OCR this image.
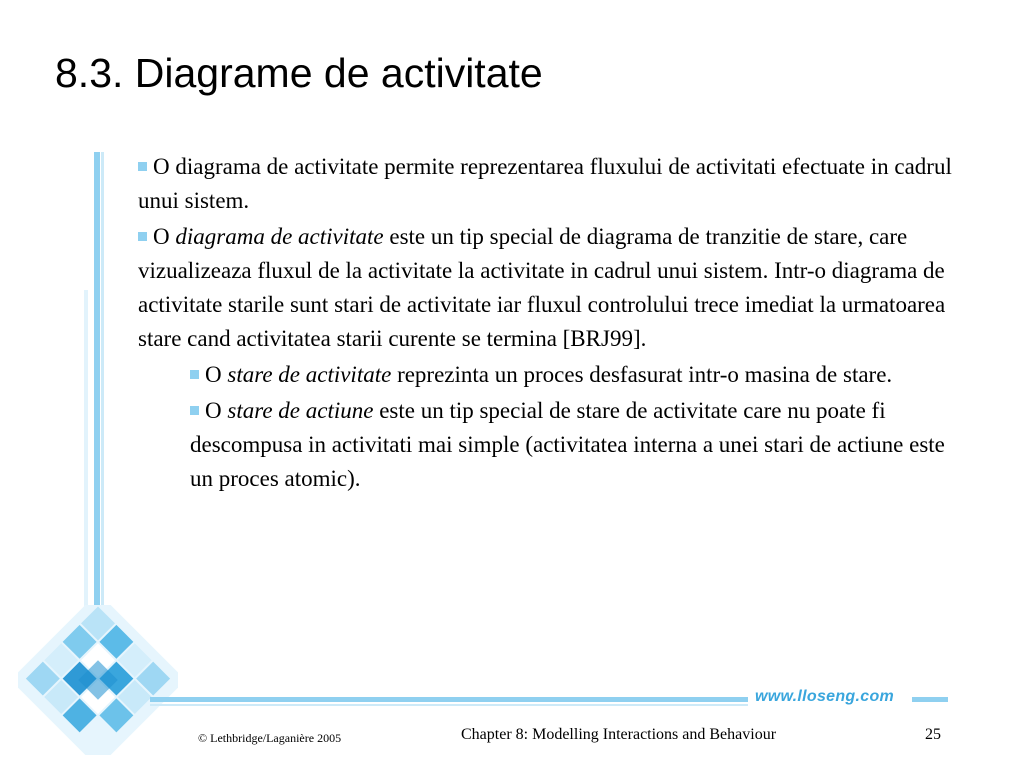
8.3. Diagrame de activitate

O diagrama de activitate permite reprezentarea fluxului de activitati efectuate in cadrul unui sistem.

O diagrama de activitate este un tip special de diagrama de tranzitie de stare, care vizualizeaza fluxul de la activitate la activitate in cadrul unui sistem. Intr-o diagrama de activitate starile sunt stari de activitate iar fluxul controlului trece imediat la urmatoarea stare cand activitatea starii curente se termina [BRJ99].

O stare de activitate reprezinta un proces desfasurat intr-o masina de stare.

O stare de actiune este un tip special de stare de activitate care nu poate fi descompusa in activitati mai simple (activitatea interna a unei stari de actiune este un proces atomic).

www.lloseng.com
© Lethbridge/Laganière 2005	Chapter 8: Modelling Interactions and Behaviour	25
